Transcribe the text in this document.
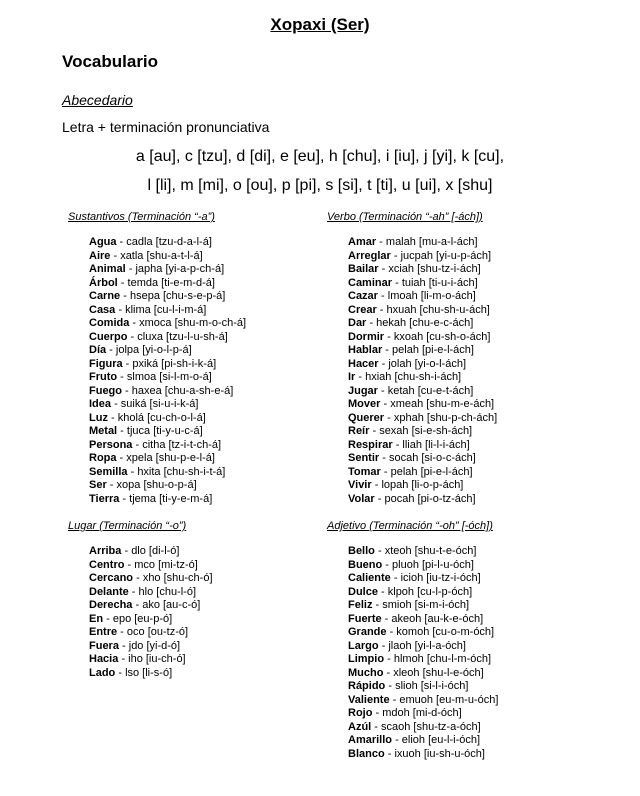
Xopaxi (Ser)
Vocabulario
Abecedario
Letra + terminación pronunciativa
a [au], c [tzu], d [di], e [eu], h [chu], i [iu], j [yi], k [cu],
l [li], m [mi], o [ou], p [pi], s [si], t [ti], u [ui], x [shu]
Sustantivos (Terminación “-a”)
Agua - cadla [tzu-d-a-l-á]
Aire - xatla [shu-a-t-l-á]
Animal - japha [yi-a-p-ch-á]
Árbol - temda [ti-e-m-d-á]
Carne - hsepa [chu-s-e-p-á]
Casa - klima [cu-l-i-m-á]
Comida - xmoca [shu-m-o-ch-á]
Cuerpo - cluxa [tzu-l-u-sh-á]
Día - jolpa [yi-o-l-p-á]
Figura - pxiká [pi-sh-i-k-á]
Fruto - slmoa [si-l-m-o-á]
Fuego - haxea [chu-a-sh-e-á]
Idea - suiká [si-u-i-k-á]
Luz - kholá [cu-ch-o-l-á]
Metal - tjuca [ti-y-u-c-á]
Persona - citha [tz-i-t-ch-á]
Ropa - xpela [shu-p-e-l-á]
Semilla - hxita [chu-sh-i-t-á]
Ser - xopa [shu-o-p-á]
Tierra - tjema [ti-y-e-m-á]
Verbo (Terminación “-ah” [-ách])
Amar - malah [mu-a-l-ách]
Arreglar - jucpah [yi-u-p-ách]
Bailar - xciah [shu-tz-i-ách]
Caminar - tuiah [ti-u-i-ách]
Cazar - lmoah [li-m-o-ách]
Crear - hxuah [chu-sh-u-ách]
Dar - hekah [chu-e-c-ách]
Dormir - kxoah [cu-sh-o-ách]
Hablar - pelah [pi-e-l-ách]
Hacer - jolah [yi-o-l-ách]
Ir - hxiah [chu-sh-i-ách]
Jugar - ketah [cu-e-t-ách]
Mover - xmeah [shu-m-e-ách]
Querer - xphah [shu-p-ch-ách]
Reír - sexah [si-e-sh-ách]
Respirar - lliah [li-l-i-ách]
Sentir - socah [si-o-c-ách]
Tomar - pelah [pi-e-l-ách]
Vivir - lopah [li-o-p-ách]
Volar - pocah [pi-o-tz-ách]
Lugar (Terminación “-o”)
Arriba - dlo [di-l-ó]
Centro - mco [mi-tz-ó]
Cercano - xho [shu-ch-ó]
Delante - hlo [chu-l-ó]
Derecha - ako [au-c-ó]
En - epo [eu-p-ó]
Entre - oco [ou-tz-ó]
Fuera - jdo [yi-d-ó]
Hacia - iho [iu-ch-ó]
Lado - lso [li-s-ó]
Adjetivo (Terminación “-oh” [-óch])
Bello - xteoh [shu-t-e-óch]
Bueno - pluoh [pi-l-u-óch]
Caliente - icioh [iu-tz-i-óch]
Dulce - klpoh [cu-l-p-óch]
Feliz - smioh [si-m-i-óch]
Fuerte - akeoh [au-k-e-óch]
Grande - komoh [cu-o-m-óch]
Largo - jlaoh [yi-l-a-óch]
Limpio - hlmoh [chu-l-m-óch]
Mucho - xleoh [shu-l-e-óch]
Rápido - slioh [si-l-i-óch]
Valiente - emuoh [eu-m-u-óch]
Rojo - mdoh [mi-d-óch]
Azúl - scaoh [shu-tz-a-óch]
Amarillo - elioh [eu-l-i-óch]
Blanco - ixuoh [iu-sh-u-óch]
